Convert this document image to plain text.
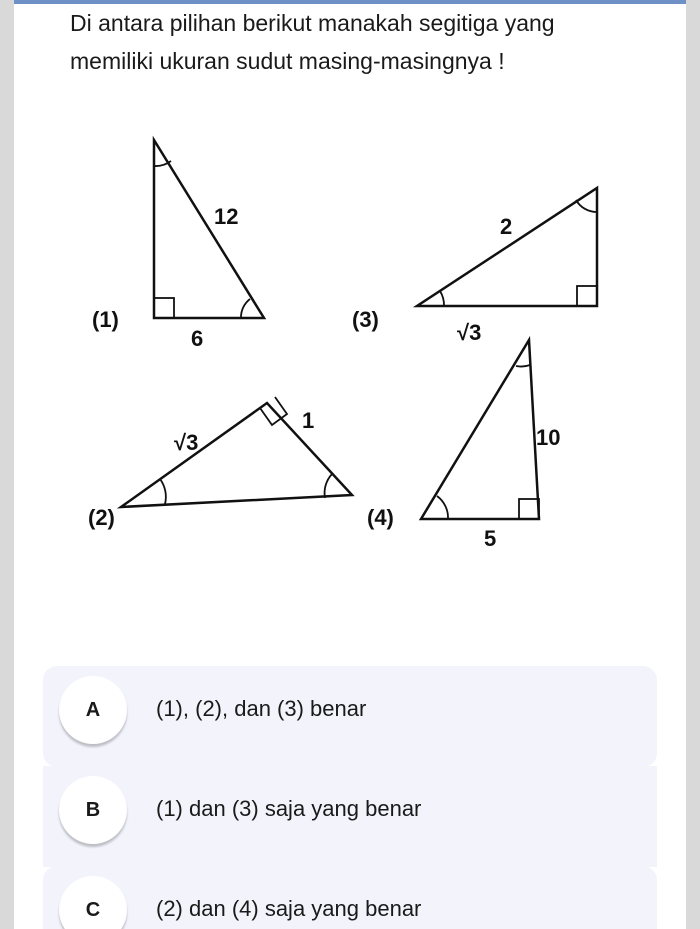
Di antara pilihan berikut manakah segitiga yang memiliki ukuran sudut masing-masingnya !

12
6
(1)
2
√3
(3)
√3
1
(2)
10
5
(4)
A	(1), (2), dan (3) benar
B	(1) dan (3) saja yang benar
C	(2) dan (4) saja yang benar
